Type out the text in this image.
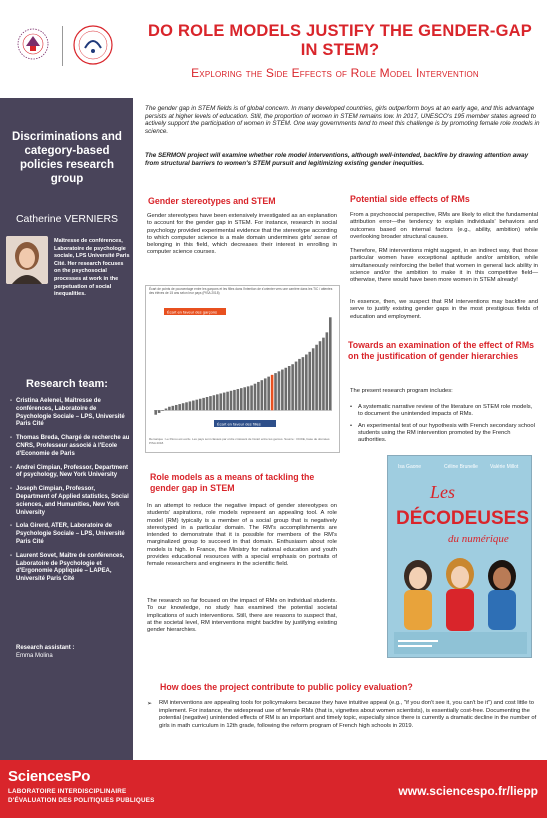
DO ROLE MODELS JUSTIFY THE GENDER-GAP IN STEM?
Exploring the Side Effects of Role Model Intervention
Discriminations and category-based policies research group
Catherine VERNIERS
Maîtresse de conférences, Laboratoire de psychologie sociale, LPS Université Paris Cité. Her research focuses on the psychosocial processes at work in the perpetuation of social inequalities.
Research team:
- Cristina Aelenei, Maîtresse de conférences, Laboratoire de Psychologie Sociale – LPS, Université Paris Cité
- Thomas Breda, Chargé de recherche au CNRS, Professeur associé à l'Ecole d'Economie de Paris
- Andrei Cimpian, Professor, Department of psychology, New York University
- Joseph Cimpian, Professor, Department of Applied statistics, Social sciences, and Humanities, New York University
- Lola Girerd, ATER, Laboratoire de Psychologie Sociale – LPS, Université Paris Cité
- Laurent Sovet, Maître de conférences, Laboratoire de Psychologie et d'Ergonomie Appliquée – LAPEA, Université Paris Cité
Research assistant :
Emma Molina
The gender gap in STEM fields is of global concern. In many developed countries, girls outperform boys at an early age, and this advantage persists at higher levels of education. Still, the proportion of women in STEM remains low. In 2017, UNESCO's 195 member states agreed to actively support the participation of women in STEM. One way governments tend to meet this challenge is by promoting female role models in science.
The SERMON project will examine whether role model interventions, although well-intended, backfire by drawing attention away from structural barriers to women's STEM pursuit and legitimizing existing gender inequities.
Gender stereotypes and STEM
Gender stereotypes have been extensively investigated as an explanation to account for the gender gap in STEM. For instance, research in social psychology provided experimental evidence that the stereotype according to which computer science is a male domain undermines girls' sense of belonging in this field, which decreases their interest in enrolling in computer science courses.
Écart de points de pourcentage entre les garçons et les filles dans l'intention de s'orienter vers une carrière dans les TIC / attentes des élèves de 15 ans selon leur pays (PISA 2018)
Écart en faveur des garçons
Écart en faveur des filles
Remarque : Le Pérou est exclu. Les pays sont classés par ordre croissant de l'écart entre les genres. Source : OCDE, base de données PISA 2018.
Role models as a means of tackling the gender gap in STEM
In an attempt to reduce the negative impact of gender stereotypes on students' aspirations, role models represent an appealing tool. A role model (RM) typically is a member of a social group that is negatively stereotyped in a particular domain. The RM's accomplishments are intended to demonstrate that it is possible for members of the RM's marginalized group to succeed in that domain. Enthusiasm about role models is high. In France, the Ministry for national education and youth provides educational resources with a special emphasis on portraits of female researchers and engineers in the scientific field.
The research so far focused on the impact of RMs on individual students. To our knowledge, no study has examined the potential societal implications of such interventions. Still, there are reasons to suspect that, at the societal level, RM interventions might backfire by justifying existing gender hierarchies.
Potential side effects of RMs
From a psychosocial perspective, RMs are likely to elicit the fundamental attribution error—the tendency to explain individuals' behaviors and outcomes based on internal factors (e.g., ability, ambition) while overlooking broader structural causes.
Therefore, RM interventions might suggest, in an indirect way, that those particular women have exceptional aptitude and/or ambition, while simultaneously reinforcing the belief that women in general lack ability in science and/or the ambition to make it in this competitive field—otherwise, there would have been more women in STEM already!
In essence, then, we suspect that RM interventions may backfire and serve to justify existing gender gaps in the most prestigious fields of education and employment.
Towards an examination of the effect of RMs on the justification of gender hierarchies
The present research program includes:
• A systematic narrative review of the literature on STEM role models, to document the unintended impacts of RMs.
• An experimental test of our hypothesis with French secondary school students using the RM intervention promoted by the French authorities.
Isa Gaone	Céline Brunelle Valérie Millot
Les
DÉCODEUSES
du numérique
How does the project contribute to public policy evaluation?
➢	RM interventions are appealing tools for policymakers because they have intuitive appeal (e.g., "if you don't see it, you can't be it") and cost little to implement. For instance, the widespread use of female RMs (that is, vignettes about women scientists), is essentially cost-free. Documenting the potential (negative) unintended effects of RM is an important and timely topic, especially since there is currently a dramatic decline in the number of girls in math curriculum in 12th grade, following the reform program of French high schools in 2019.
SciencesPo
LABORATOIRE INTERDISCIPLINAIRE
D'ÉVALUATION DES POLITIQUES PUBLIQUES
www.sciencespo.fr/liepp
